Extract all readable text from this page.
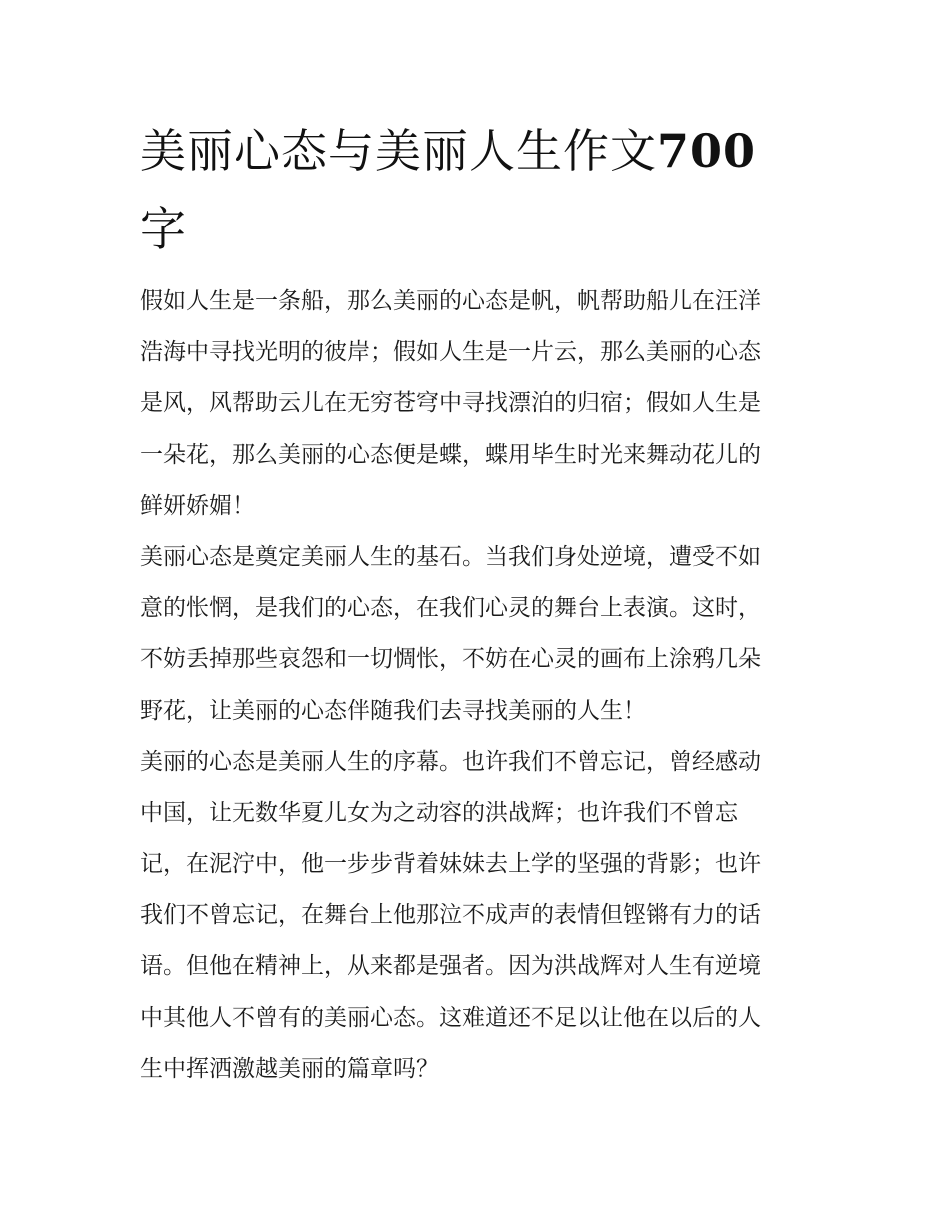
美丽心态与美丽人生作文700
字
假如人生是一条船，那么美丽的心态是帆，帆帮助船儿在汪洋
浩海中寻找光明的彼岸；假如人生是一片云，那么美丽的心态
是风，风帮助云儿在无穷苍穹中寻找漂泊的归宿；假如人生是
一朵花，那么美丽的心态便是蝶，蝶用毕生时光来舞动花儿的
鲜妍娇媚！
美丽心态是奠定美丽人生的基石。当我们身处逆境，遭受不如
意的怅惘，是我们的心态，在我们心灵的舞台上表演。这时，
不妨丢掉那些哀怨和一切惆怅，不妨在心灵的画布上涂鸦几朵
野花，让美丽的心态伴随我们去寻找美丽的人生！
美丽的心态是美丽人生的序幕。也许我们不曾忘记，曾经感动
中国，让无数华夏儿女为之动容的洪战辉；也许我们不曾忘
记，在泥泞中，他一步步背着妹妹去上学的坚强的背影；也许
我们不曾忘记，在舞台上他那泣不成声的表情但铿锵有力的话
语。但他在精神上，从来都是强者。因为洪战辉对人生有逆境
中其他人不曾有的美丽心态。这难道还不足以让他在以后的人
生中挥洒激越美丽的篇章吗？
